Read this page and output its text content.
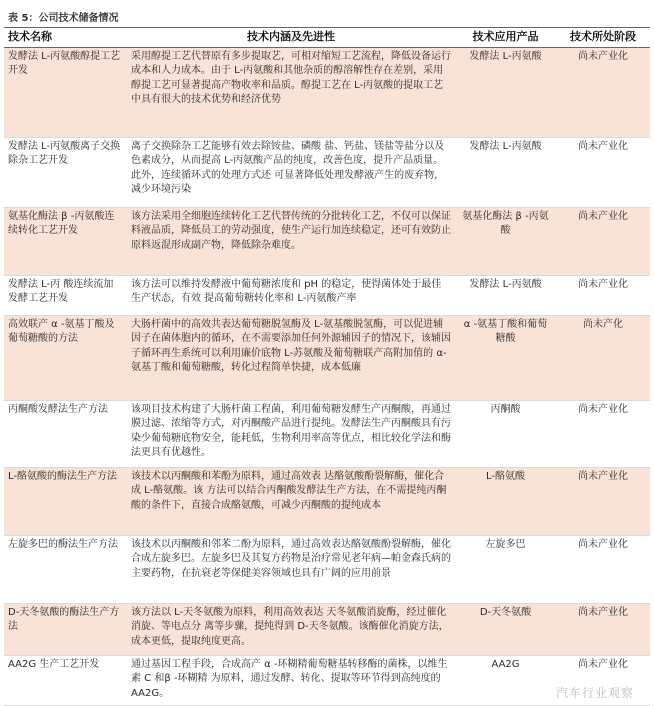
表 5：公司技术储备情况
技术名称	技术内涵及先进性	技术应用产品	技术所处阶段
发酵法 L-丙氨酸醇提工艺开发	采用醇提工艺代替原有多步提取艺，可相对缩短工艺流程，降低设备运行成本和人力成本。由于 L-丙氨酸和其他杂质的醇溶解性存在差别，采用醇提工艺可显著提高产物收率和品质。醇提工艺在 L-丙氨酸的提取工艺 中具有很大的技术优势和经济优势	发酵法 L-丙氨酸	尚未产业化
发酵法 L-丙氨酸离子交换除杂工艺开发	离子交换除杂工艺能够有效去除铵盐、磷酸 盐、钙盐、镁盐等盐分以及色素成分，从而提高 L-丙氨酸产品的纯度，改善色度，提升产品质量。此外，连续循环式的处理方式还 可显著降低处理发酵液产生的废弃物，减少环境污染	发酵法 L-丙氨酸	尚未产业化
氨基化酶法 β -丙氨酸连续转化工艺开发	该方法采用全细胞连续转化工艺代替传统的分批转化工艺，不仅可以保证料液品质，降低员工的劳动强度，使生产运行加连续稳定，还可有效防止原料返混形成副产物，降低除杂难度。	氨基化酶法 β -丙氨酸	尚未产业化
发酵法 L-丙 酸连续流加发酵工艺开发	该方法可以维持发酵液中葡萄糖浓度和 pH 的稳定，使得菌体处于最佳生产状态，有效 提高葡萄糖转化率和 L-丙氨酸产率	发酵法 L-丙氨酸	尚未产业化
高效联产 α -氨基丁酸及葡萄糖酸的方法	大肠杆菌中的高效共表达葡萄糖脱氢酶及 L-氨基酸脱氢酶，可以促进辅因子在菌体胞内的循环，在不需要添加任何外源辅因子的情况下，该辅因子循环再生系统可以利用廉价底物 L-苏氨酸及葡萄糖联产高附加值的 α-氨基丁酸和葡萄糖酸，转化过程简单快捷，成本低廉	α -氨基丁酸和葡萄糖酸	尚未产化
丙酮酸发酵法生产方法	该项目技术构建了大肠杆菌工程菌，利用葡萄糖发酵生产丙酮酸，再通过膜过滤、浓缩等方式，对丙酮酸产品进行提纯。发酵法生产丙酮酸具有污染少葡萄糖底物安全，能耗低，生物利用率高等优点，相比较化学法和酶法更具有优越性。	丙酮酸	尚未产业化
L-酪氨酸的酶法生产方法	该技术以丙酮酸和苯酚为原料，通过高效表 达酪氨酸酚裂解酶，催化合成 L-酪氨酸。该 方法可以结合丙酮酸发酵法生产方法，在不需提纯丙酮酸的条件下，直接合成酪氨酸，可减少丙酮酸的提纯成本	L-酪氨酸	尚未产业化
左旋多巴的酶法生产方法	该技术以丙酮酸和邻苯二酚为原料，通过高效表达酪氨酸酚裂解酶，催化合成左旋多巴。左旋多巴及其复方药物是治疗常见老年病—帕金森氏病的主要药物，在抗衰老等保健美容领域也具有广阔的应用前景	左旋多巴	尚未产业化
D-天冬氨酸的酶法生产方法	该方法以 L-天冬氨酸为原料，利用高效表达 天冬氨酸消旋酶，经过催化消旋、等电点分 离等步骤，提纯得到 D-天冬氨酸。该酶催化消旋方法，成本更低，提取纯度更高。	D-天冬氨酸	尚未产业化
AA2G 生产工艺开发	通过基因工程手段，合成高产 α -环糊精葡萄糖基转移酶的菌株，以维生素 C 和β -环糊精 为原料，通过发酵、转化、提取等环节得到高纯度的 AA2G。	AA2G	尚未产业化
汽车行业观察
